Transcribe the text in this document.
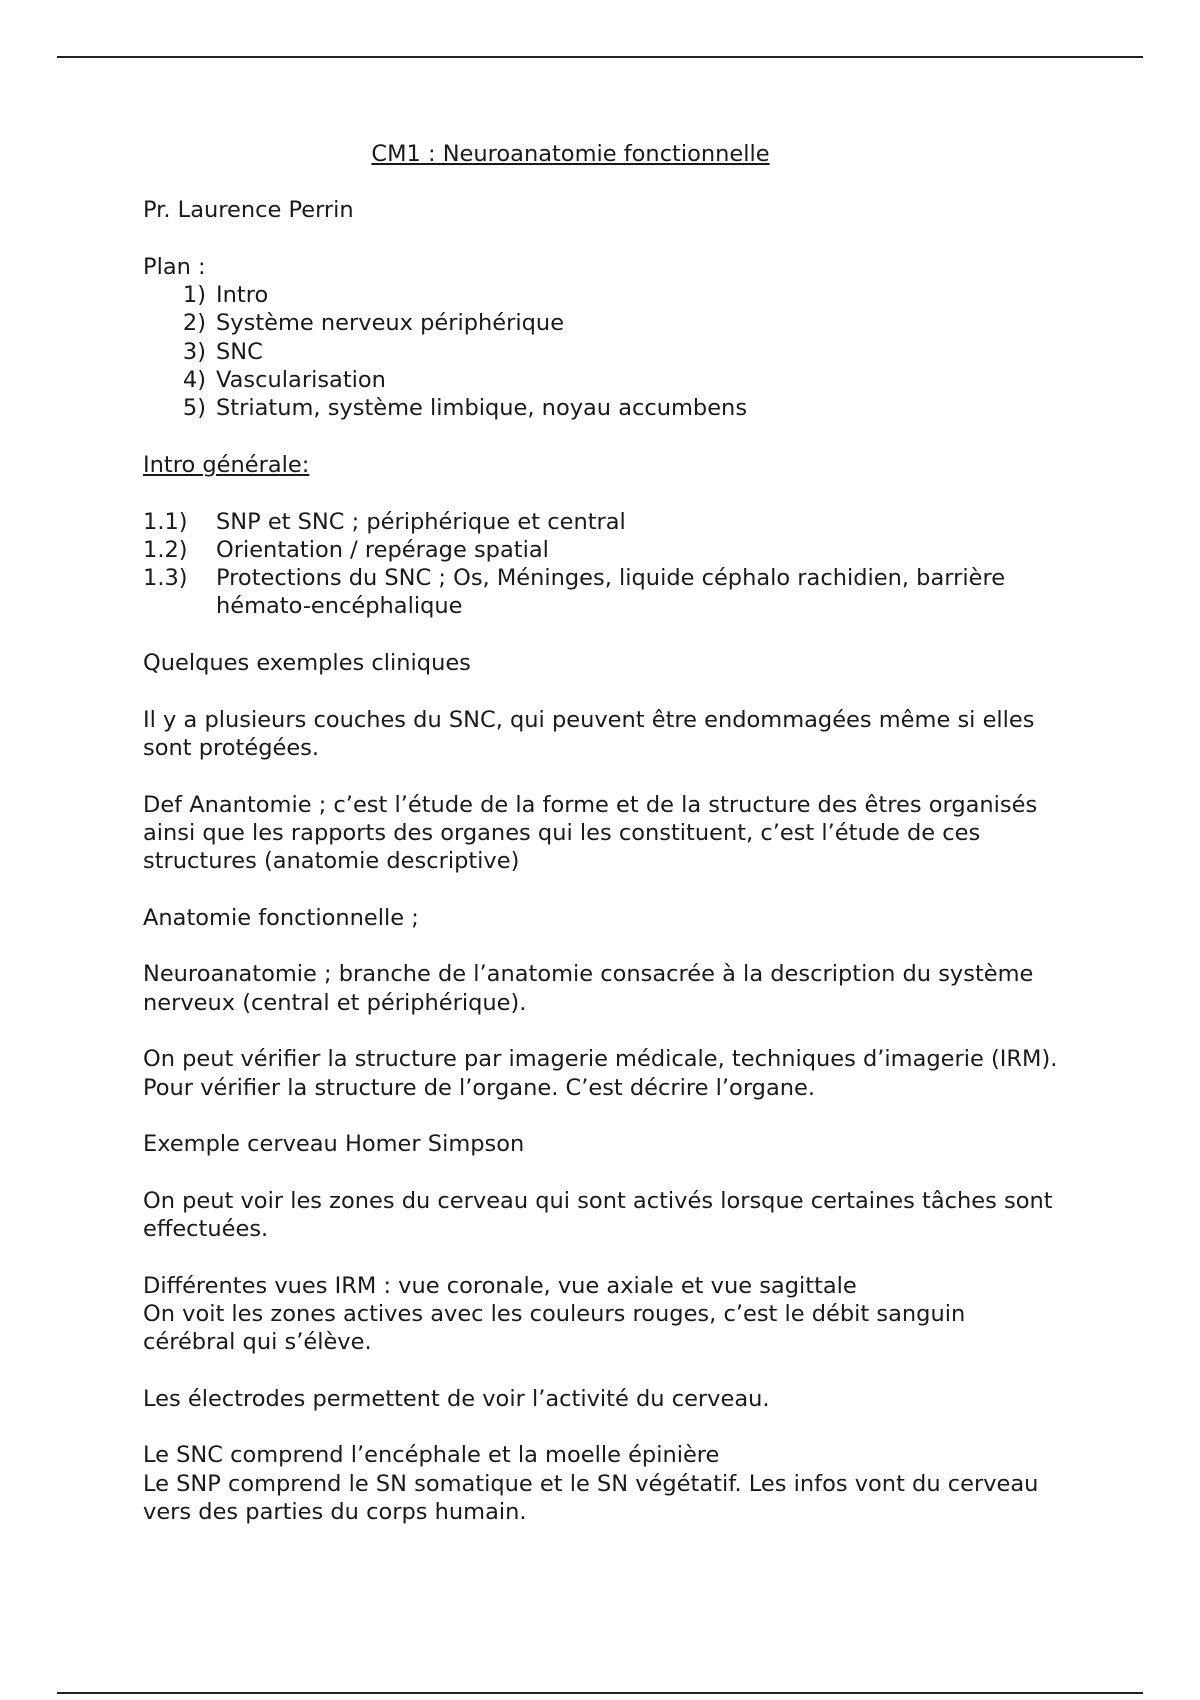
CM1 : Neuroanatomie fonctionnelle

Pr. Laurence Perrin

Plan :
1) Intro
2) Système nerveux périphérique
3) SNC
4) Vascularisation
5) Striatum, système limbique, noyau accumbens

Intro générale:

1.1)	SNP et SNC ; périphérique et central
1.2)	Orientation / repérage spatial
1.3)	Protections du SNC ; Os, Méninges, liquide céphalo rachidien, barrière hémato-encéphalique

Quelques exemples cliniques

Il y a plusieurs couches du SNC, qui peuvent être endommagées même si elles sont protégées.

Def Anantomie ; c’est l’étude de la forme et de la structure des êtres organisés ainsi que les rapports des organes qui les constituent, c’est l’étude de ces structures (anatomie descriptive)

Anatomie fonctionnelle ;

Neuroanatomie ; branche de l’anatomie consacrée à la description du système nerveux (central et périphérique).

On peut vérifier la structure par imagerie médicale, techniques d’imagerie (IRM). Pour vérifier la structure de l’organe. C’est décrire l’organe.

Exemple cerveau Homer Simpson

On peut voir les zones du cerveau qui sont activés lorsque certaines tâches sont effectuées.

Différentes vues IRM : vue coronale, vue axiale et vue sagittale
On voit les zones actives avec les couleurs rouges, c’est le débit sanguin cérébral qui s’élève.

Les électrodes permettent de voir l’activité du cerveau.

Le SNC comprend l’encéphale et la moelle épinière
Le SNP comprend le SN somatique et le SN végétatif. Les infos vont du cerveau vers des parties du corps humain.
